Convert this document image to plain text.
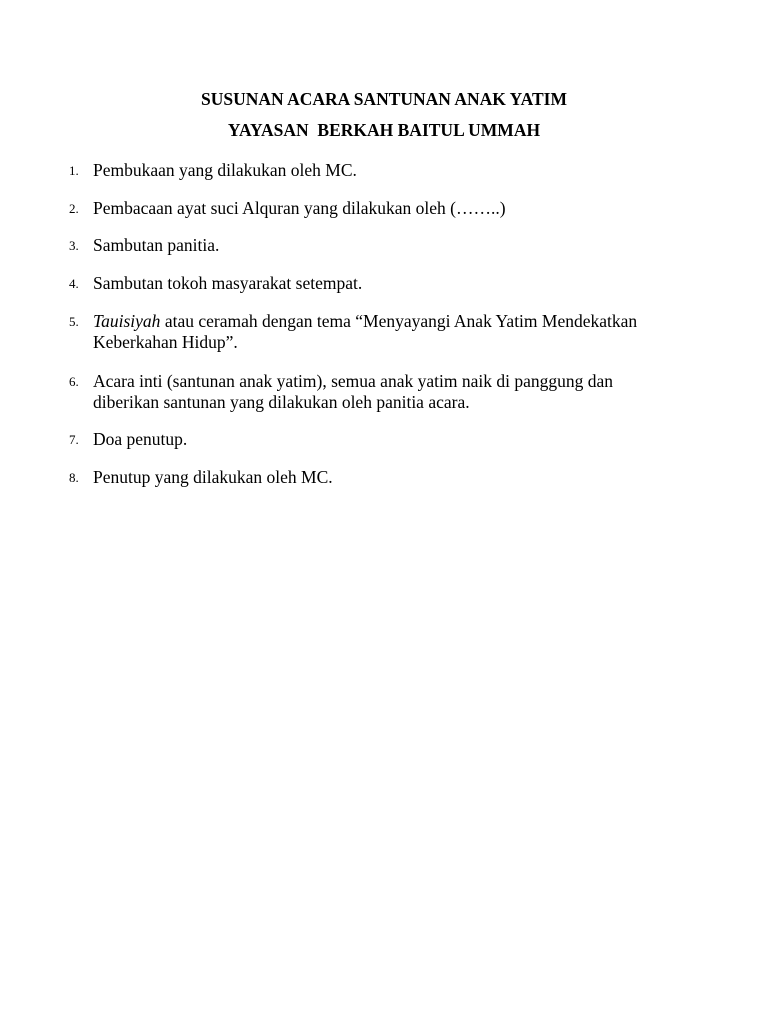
SUSUNAN ACARA SANTUNAN ANAK YATIM
YAYASAN  BERKAH BAITUL UMMAH
1. Pembukaan yang dilakukan oleh MC.
2. Pembacaan ayat suci Alquran yang dilakukan oleh (……..)
3. Sambutan panitia.
4. Sambutan tokoh masyarakat setempat.
5. Tauisiyah atau ceramah dengan tema “Menyayangi Anak Yatim Mendekatkan Keberkahan Hidup”.
6. Acara inti (santunan anak yatim), semua anak yatim naik di panggung dan diberikan santunan yang dilakukan oleh panitia acara.
7. Doa penutup.
8. Penutup yang dilakukan oleh MC.
